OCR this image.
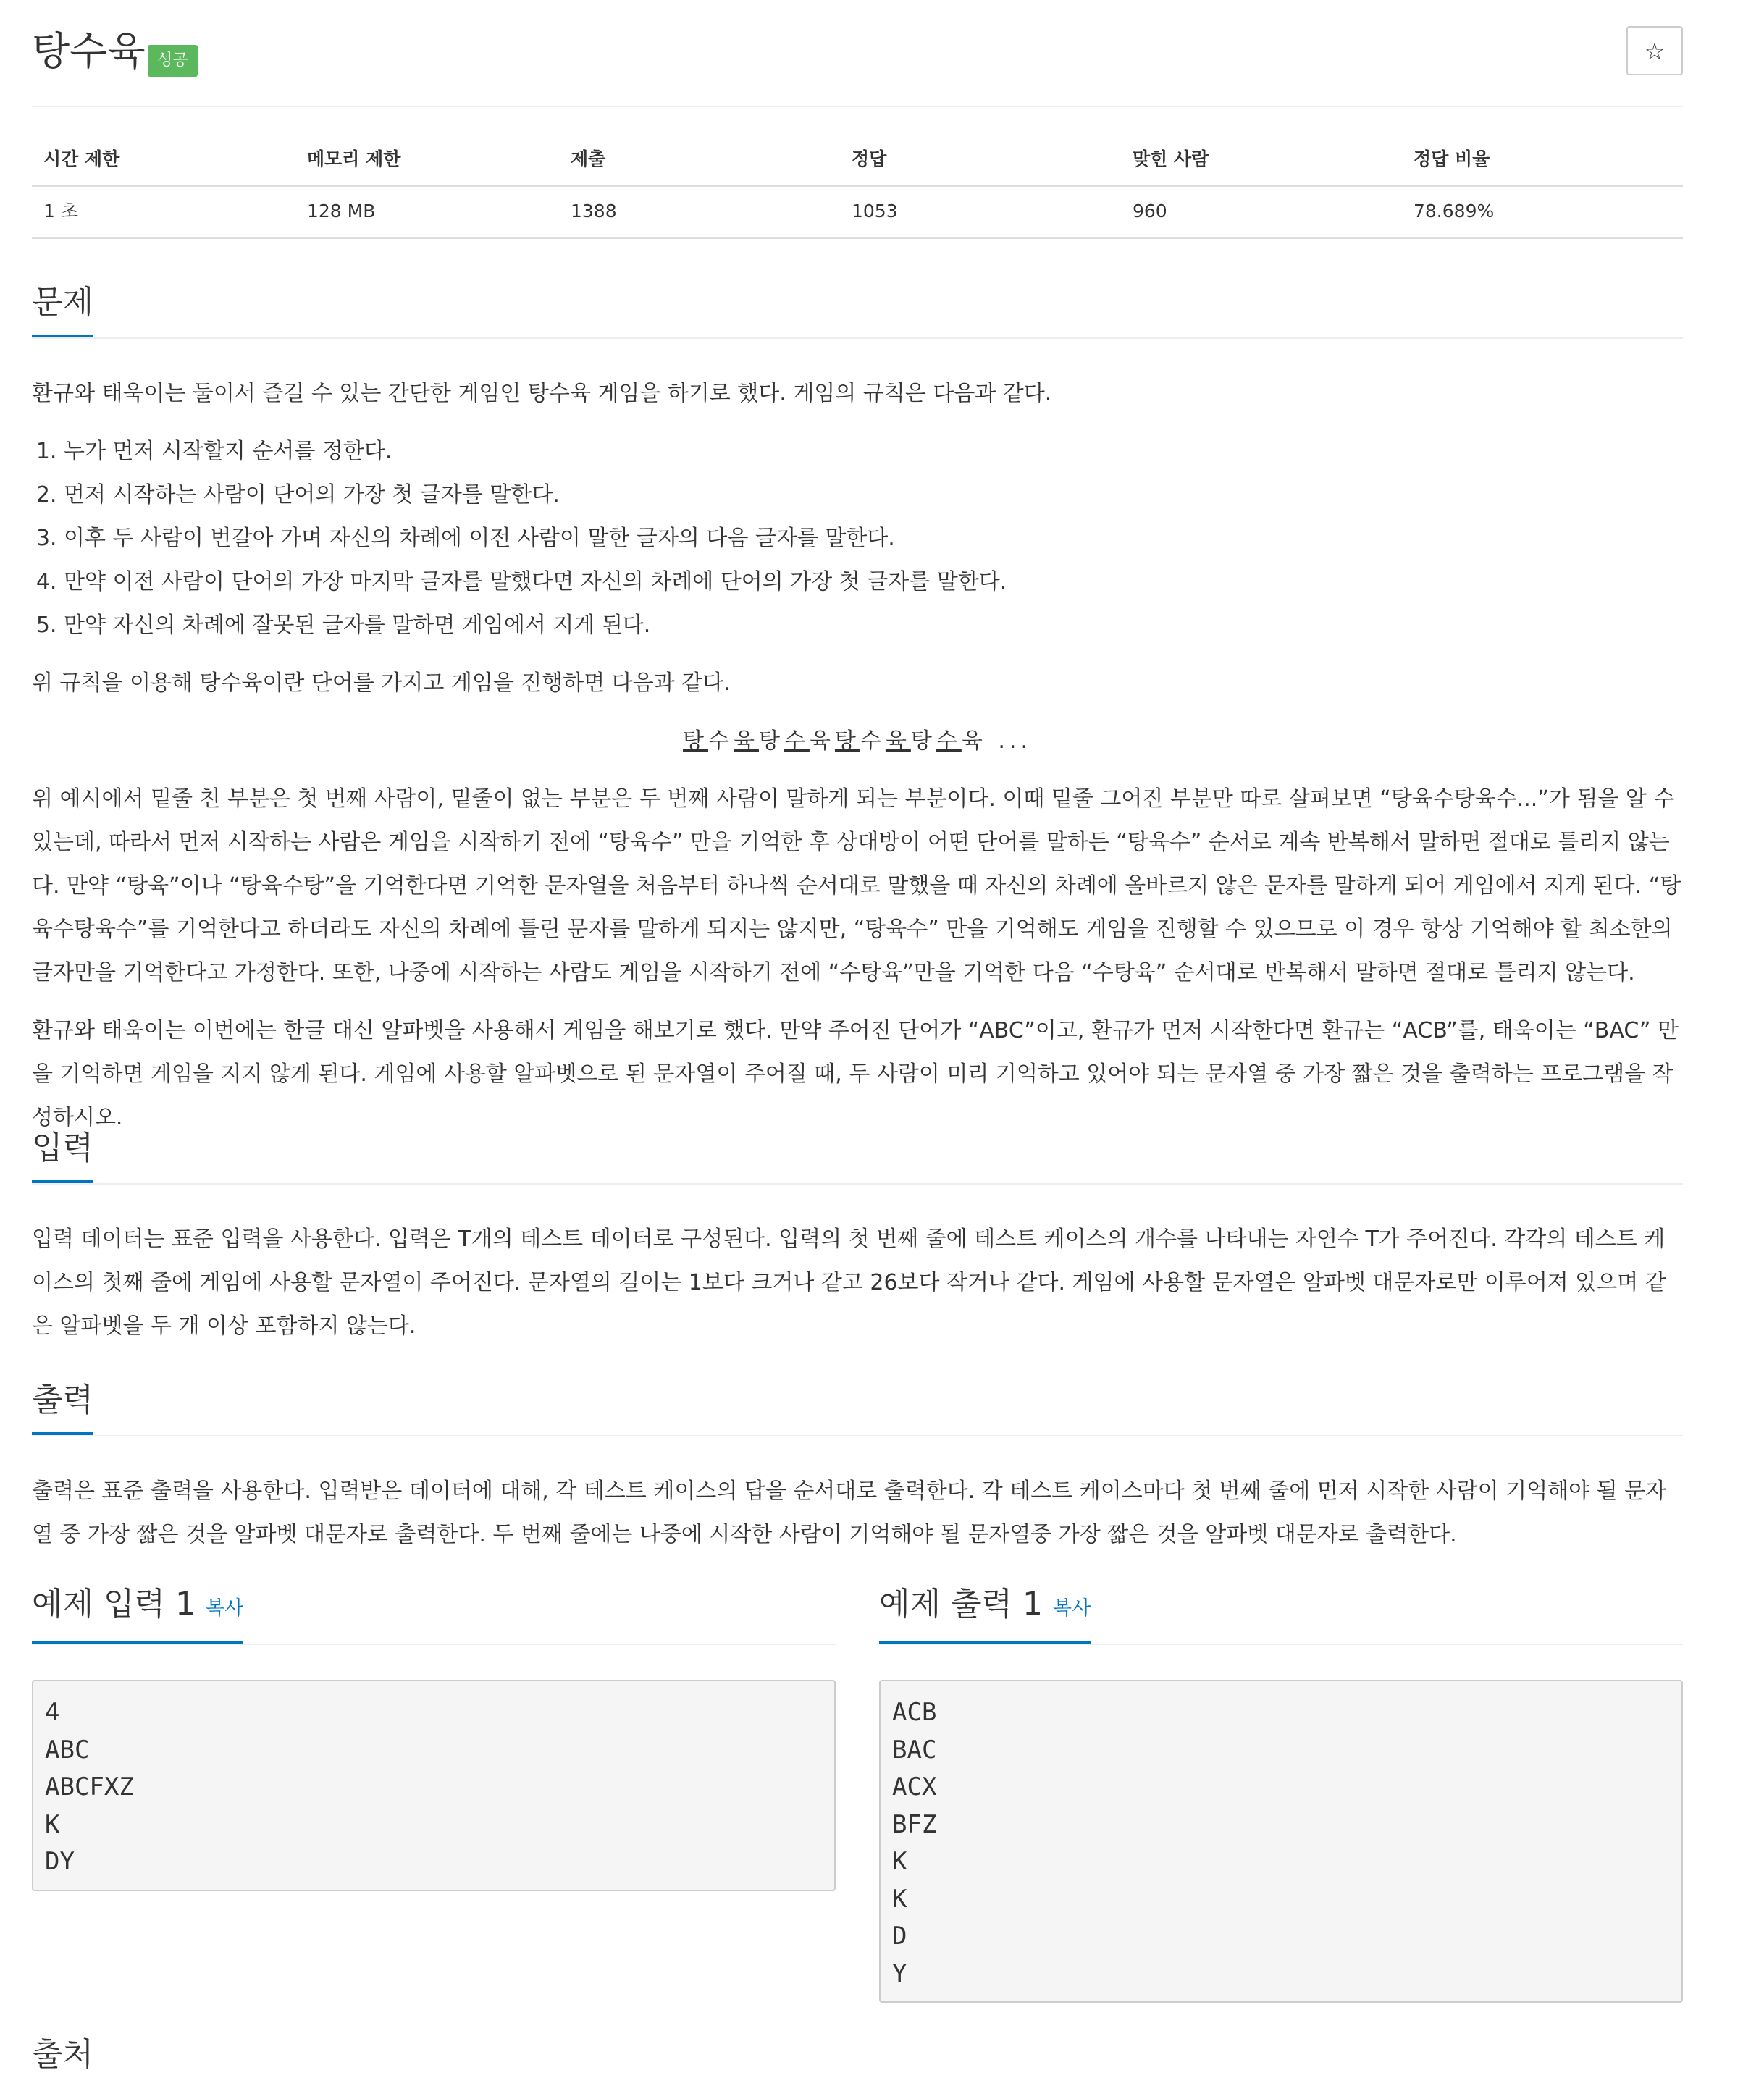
탕수육 성공	☆
시간 제한	메모리 제한	제출	정답	맞힌 사람	정답 비율
1 초	128 MB	1388	1053	960	78.689%
문제

환규와 태욱이는 둘이서 즐길 수 있는 간단한 게임인 탕수육 게임을 하기로 했다. 게임의 규칙은 다음과 같다.

1. 누가 먼저 시작할지 순서를 정한다.
2. 먼저 시작하는 사람이 단어의 가장 첫 글자를 말한다.
3. 이후 두 사람이 번갈아 가며 자신의 차례에 이전 사람이 말한 글자의 다음 글자를 말한다.
4. 만약 이전 사람이 단어의 가장 마지막 글자를 말했다면 자신의 차례에 단어의 가장 첫 글자를 말한다.
5. 만약 자신의 차례에 잘못된 글자를 말하면 게임에서 지게 된다.

위 규칙을 이용해 탕수육이란 단어를 가지고 게임을 진행하면 다음과 같다.

탕수육탕수육탕수육탕수육 ...

위 예시에서 밑줄 친 부분은 첫 번째 사람이, 밑줄이 없는 부분은 두 번째 사람이 말하게 되는 부분이다. 이때 밑줄 그어진 부분만 따로 살펴보면 “탕육수탕육수...”가 됨을 알 수 있는데, 따라서 먼저 시작하는 사람은 게임을 시작하기 전에 “탕육수” 만을 기억한 후 상대방이 어떤 단어를 말하든 “탕육수” 순서로 계속 반복해서 말하면 절대로 틀리지 않는다. 만약 “탕육”이나 “탕육수탕”을 기억한다면 기억한 문자열을 처음부터 하나씩 순서대로 말했을 때 자신의 차례에 올바르지 않은 문자를 말하게 되어 게임에서 지게 된다. “탕육수탕육수”를 기억한다고 하더라도 자신의 차례에 틀린 문자를 말하게 되지는 않지만, “탕육수” 만을 기억해도 게임을 진행할 수 있으므로 이 경우 항상 기억해야 할 최소한의 글자만을 기억한다고 가정한다. 또한, 나중에 시작하는 사람도 게임을 시작하기 전에 “수탕육”만을 기억한 다음 “수탕육” 순서대로 반복해서 말하면 절대로 틀리지 않는다.

환규와 태욱이는 이번에는 한글 대신 알파벳을 사용해서 게임을 해보기로 했다. 만약 주어진 단어가 “ABC”이고, 환규가 먼저 시작한다면 환규는 “ACB”를, 태욱이는 “BAC” 만을 기억하면 게임을 지지 않게 된다. 게임에 사용할 알파벳으로 된 문자열이 주어질 때, 두 사람이 미리 기억하고 있어야 되는 문자열 중 가장 짧은 것을 출력하는 프로그램을 작성하시오.

입력

입력 데이터는 표준 입력을 사용한다. 입력은 T개의 테스트 데이터로 구성된다. 입력의 첫 번째 줄에 테스트 케이스의 개수를 나타내는 자연수 T가 주어진다. 각각의 테스트 케이스의 첫째 줄에 게임에 사용할 문자열이 주어진다. 문자열의 길이는 1보다 크거나 같고 26보다 작거나 같다. 게임에 사용할 문자열은 알파벳 대문자로만 이루어져 있으며 같은 알파벳을 두 개 이상 포함하지 않는다.

출력

출력은 표준 출력을 사용한다. 입력받은 데이터에 대해, 각 테스트 케이스의 답을 순서대로 출력한다. 각 테스트 케이스마다 첫 번째 줄에 먼저 시작한 사람이 기억해야 될 문자열 중 가장 짧은 것을 알파벳 대문자로 출력한다. 두 번째 줄에는 나중에 시작한 사람이 기억해야 될 문자열중 가장 짧은 것을 알파벳 대문자로 출력한다.

예제 입력 1 복사
4
ABC
ABCFXZ
K
DY
예제 출력 1 복사
ACB
BAC
ACX
BFZ
K
K
D
Y
출처
